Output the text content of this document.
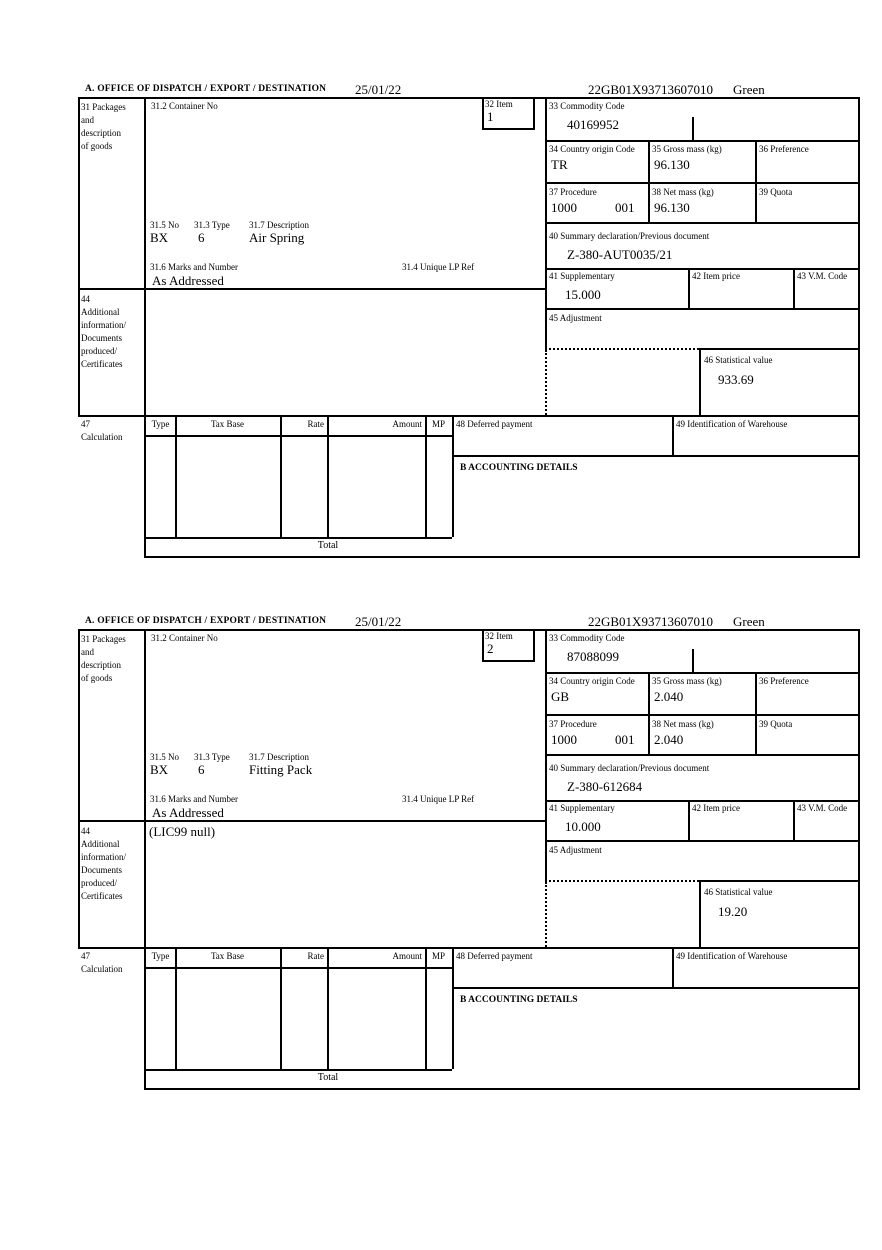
A. OFFICE OF DISPATCH / EXPORT / DESTINATION 25/01/22	22GB01X93713607010 Green
31 Packages
and
description
of goods
31.2 Container No	32 Item
1
33 Commodity Code
40169952
34 Country origin Code
TR
35 Gross mass (kg)
96.130
36 Preference
37 Procedure
1000	001
38 Net mass (kg)
96.130
39 Quota
40 Summary declaration/Previous document
Z-380-AUT0035/21
31.5 No 31.3 Type 31.7 Description
BX 6	Air Spring
31.6 Marks and Number	31.4 Unique LP Ref
As Addressed	41 Supplementary
15.000
42 Item price	43 V.M. Code
44
Additional
information/
Documents
produced/
Certificates
45 Adjustment
46 Statistical value
933.69
47
Calculation
Type	Tax Base	Rate	Amount	MP	48 Deferred payment	49 Identification of Warehouse
B ACCOUNTING DETAILS
Total
A. OFFICE OF DISPATCH / EXPORT / DESTINATION 25/01/22	22GB01X93713607010 Green
31 Packages
and
description
of goods
31.2 Container No	32 Item
2
33 Commodity Code
87088099
34 Country origin Code
GB
35 Gross mass (kg)
2.040
36 Preference
37 Procedure
1000	001
38 Net mass (kg)
2.040
39 Quota
40 Summary declaration/Previous document
Z-380-612684
31.5 No 31.3 Type 31.7 Description
BX 6	Fitting Pack
31.6 Marks and Number	31.4 Unique LP Ref
As Addressed	41 Supplementary
10.000
42 Item price	43 V.M. Code
44
Additional
information/
Documents
produced/
Certificates
(LIC99 null)
45 Adjustment
46 Statistical value
19.20
47
Calculation
Type	Tax Base	Rate	Amount	MP	48 Deferred payment	49 Identification of Warehouse
B ACCOUNTING DETAILS
Total
